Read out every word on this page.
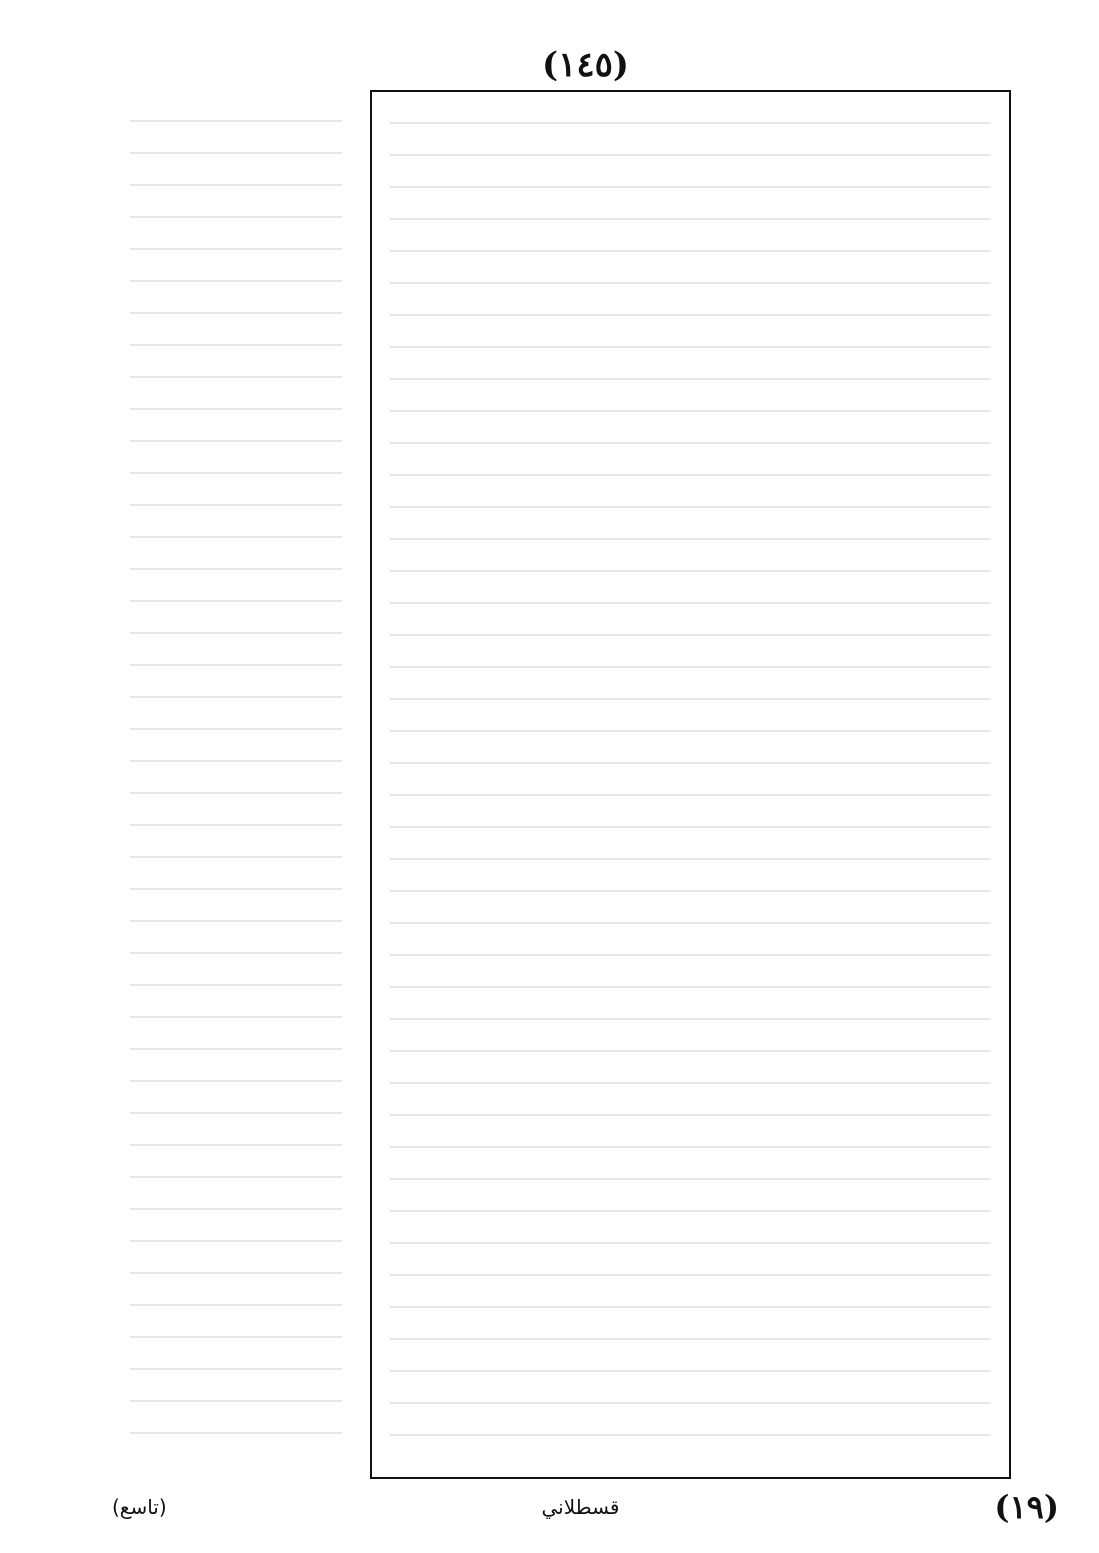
(١٤٥)
(١٩)
قسطلاني
(تاسع)
